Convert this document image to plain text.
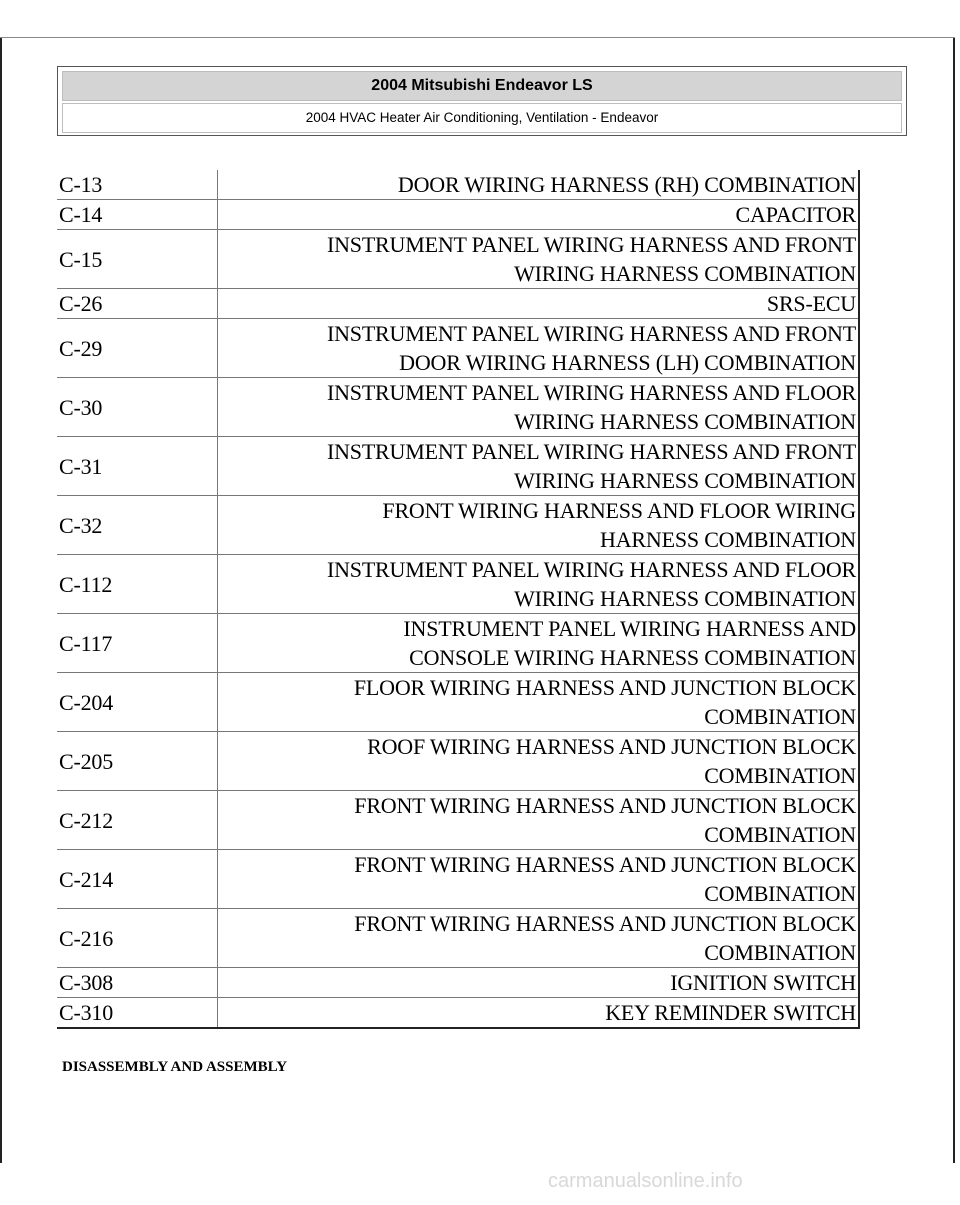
2004 Mitsubishi Endeavor LS
2004 HVAC Heater Air Conditioning, Ventilation - Endeavor
C-13	DOOR WIRING HARNESS (RH) COMBINATION

C-14	CAPACITOR

C-15	INSTRUMENT PANEL WIRING HARNESS AND FRONT
WIRING HARNESS COMBINATION

C-26	SRS-ECU

C-29	INSTRUMENT PANEL WIRING HARNESS AND FRONT
DOOR WIRING HARNESS (LH) COMBINATION

C-30	INSTRUMENT PANEL WIRING HARNESS AND FLOOR
WIRING HARNESS COMBINATION

C-31	INSTRUMENT PANEL WIRING HARNESS AND FRONT
WIRING HARNESS COMBINATION

C-32	FRONT WIRING HARNESS AND FLOOR WIRING
HARNESS COMBINATION

C-112	INSTRUMENT PANEL WIRING HARNESS AND FLOOR
WIRING HARNESS COMBINATION

C-117	INSTRUMENT PANEL WIRING HARNESS AND
CONSOLE WIRING HARNESS COMBINATION

C-204	FLOOR WIRING HARNESS AND JUNCTION BLOCK
COMBINATION

C-205	ROOF WIRING HARNESS AND JUNCTION BLOCK
COMBINATION

C-212	FRONT WIRING HARNESS AND JUNCTION BLOCK
COMBINATION

C-214	FRONT WIRING HARNESS AND JUNCTION BLOCK
COMBINATION

C-216	FRONT WIRING HARNESS AND JUNCTION BLOCK
COMBINATION

C-308	IGNITION SWITCH

C-310	KEY REMINDER SWITCH
DISASSEMBLY AND ASSEMBLY
carmanualsonline.info
